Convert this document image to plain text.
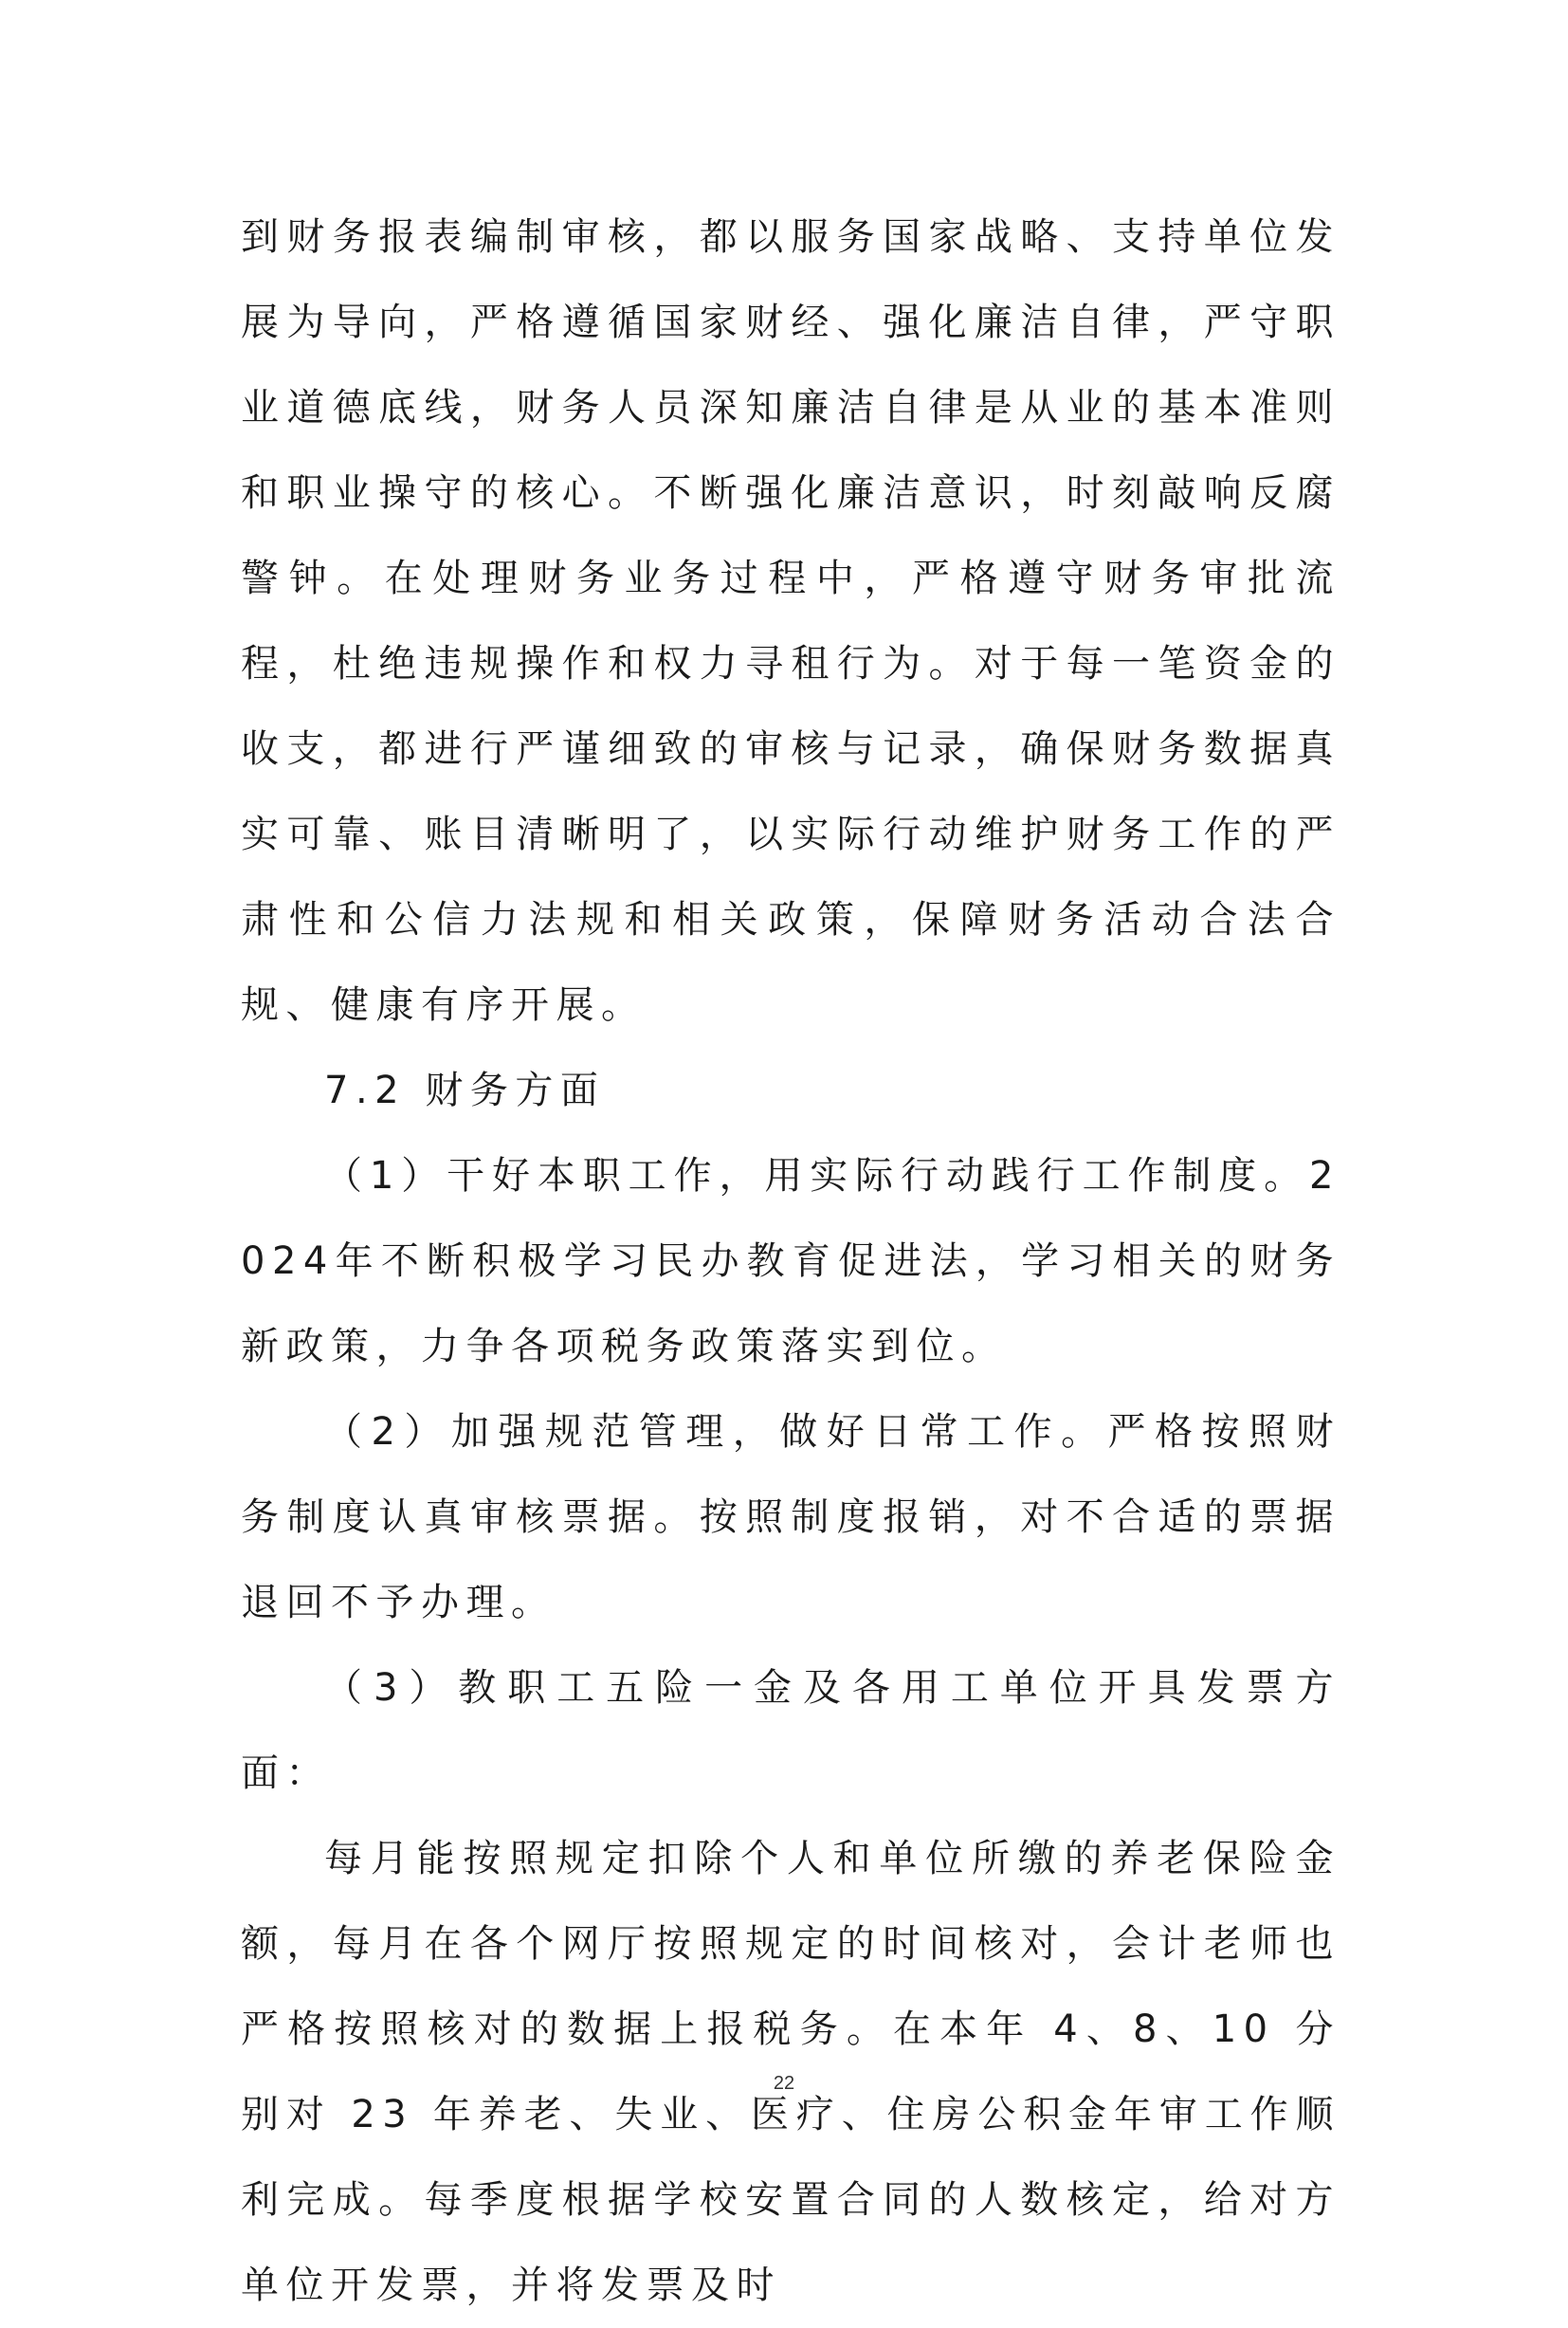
到财务报表编制审核，都以服务国家战略、支持单位发展为导向，严格遵循国家财经、强化廉洁自律，严守职业道德底线，财务人员深知廉洁自律是从业的基本准则和职业操守的核心。不断强化廉洁意识，时刻敲响反腐警钟。在处理财务业务过程中，严格遵守财务审批流程，杜绝违规操作和权力寻租行为。对于每一笔资金的收支，都进行严谨细致的审核与记录，确保财务数据真实可靠、账目清晰明了，以实际行动维护财务工作的严肃性和公信力法规和相关政策，保障财务活动合法合规、健康有序开展。

7.2 财务方面

（1）干好本职工作，用实际行动践行工作制度。2024年不断积极学习民办教育促进法，学习相关的财务新政策，力争各项税务政策落实到位。

（2）加强规范管理，做好日常工作。严格按照财务制度认真审核票据。按照制度报销，对不合适的票据退回不予办理。

（3）教职工五险一金及各用工单位开具发票方面：

每月能按照规定扣除个人和单位所缴的养老保险金额，每月在各个网厅按照规定的时间核对，会计老师也严格按照核对的数据上报税务。在本年 4、8、10 分别对 23 年养老、失业、医疗、住房公积金年审工作顺利完成。每季度根据学校安置合同的人数核定，给对方单位开发票，并将发票及时

22
